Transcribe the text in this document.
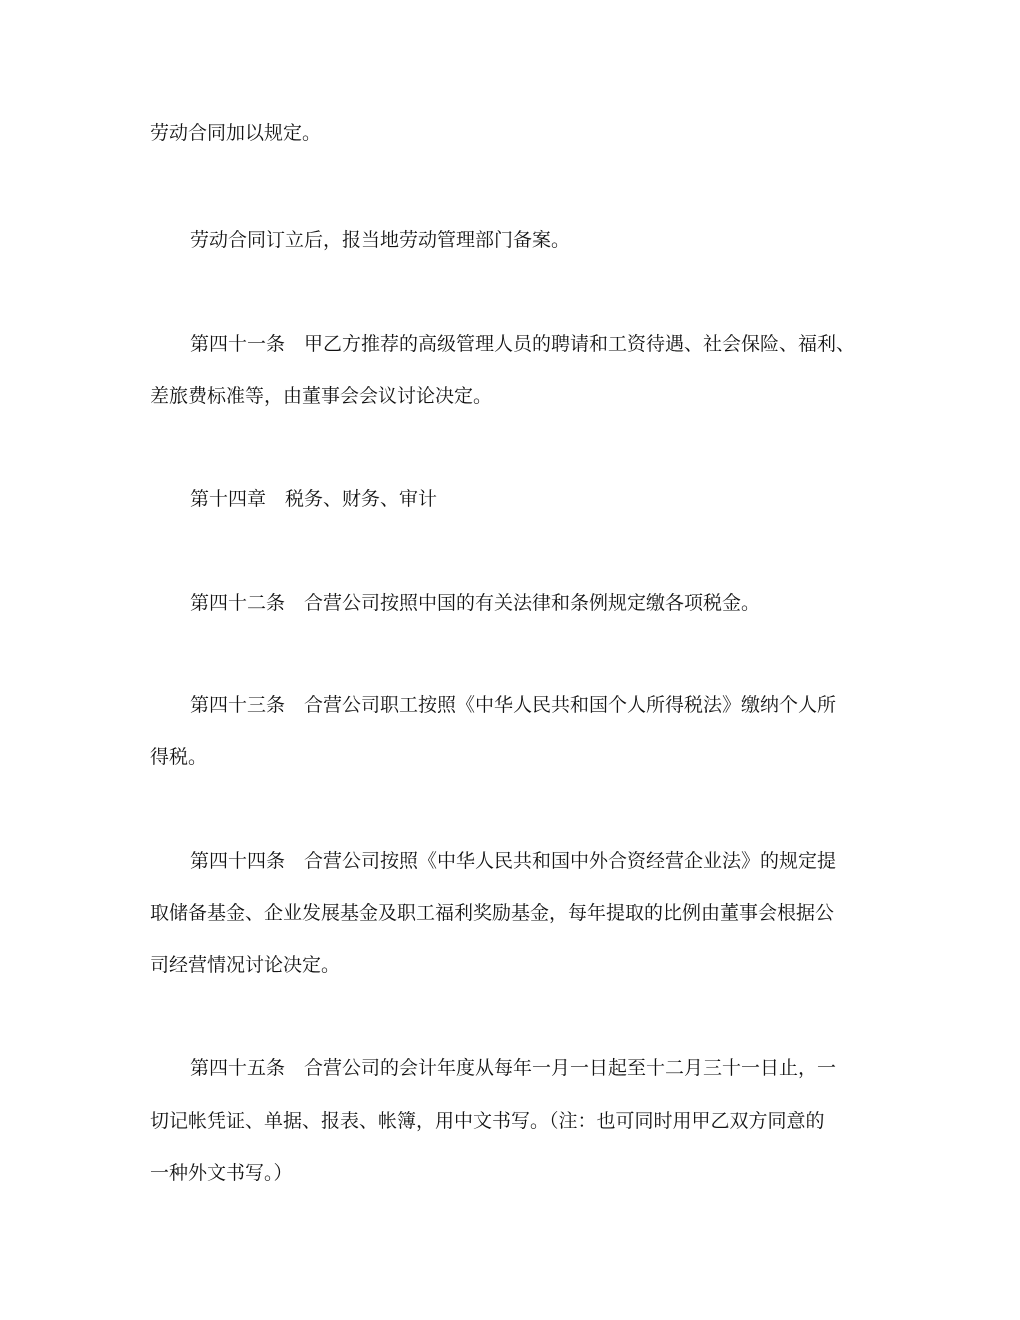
劳动合同加以规定。

劳动合同订立后，报当地劳动管理部门备案。

第四十一条　甲乙方推荐的高级管理人员的聘请和工资待遇、社会保险、福利、

差旅费标准等，由董事会会议讨论决定。

第十四章　税务、财务、审计

第四十二条　合营公司按照中国的有关法律和条例规定缴各项税金。

第四十三条　合营公司职工按照《中华人民共和国个人所得税法》缴纳个人所

得税。

第四十四条　合营公司按照《中华人民共和国中外合资经营企业法》的规定提

取储备基金、企业发展基金及职工福利奖励基金，每年提取的比例由董事会根据公

司经营情况讨论决定。

第四十五条　合营公司的会计年度从每年一月一日起至十二月三十一日止，一

切记帐凭证、单据、报表、帐簿，用中文书写。（注：也可同时用甲乙双方同意的

一种外文书写。）
